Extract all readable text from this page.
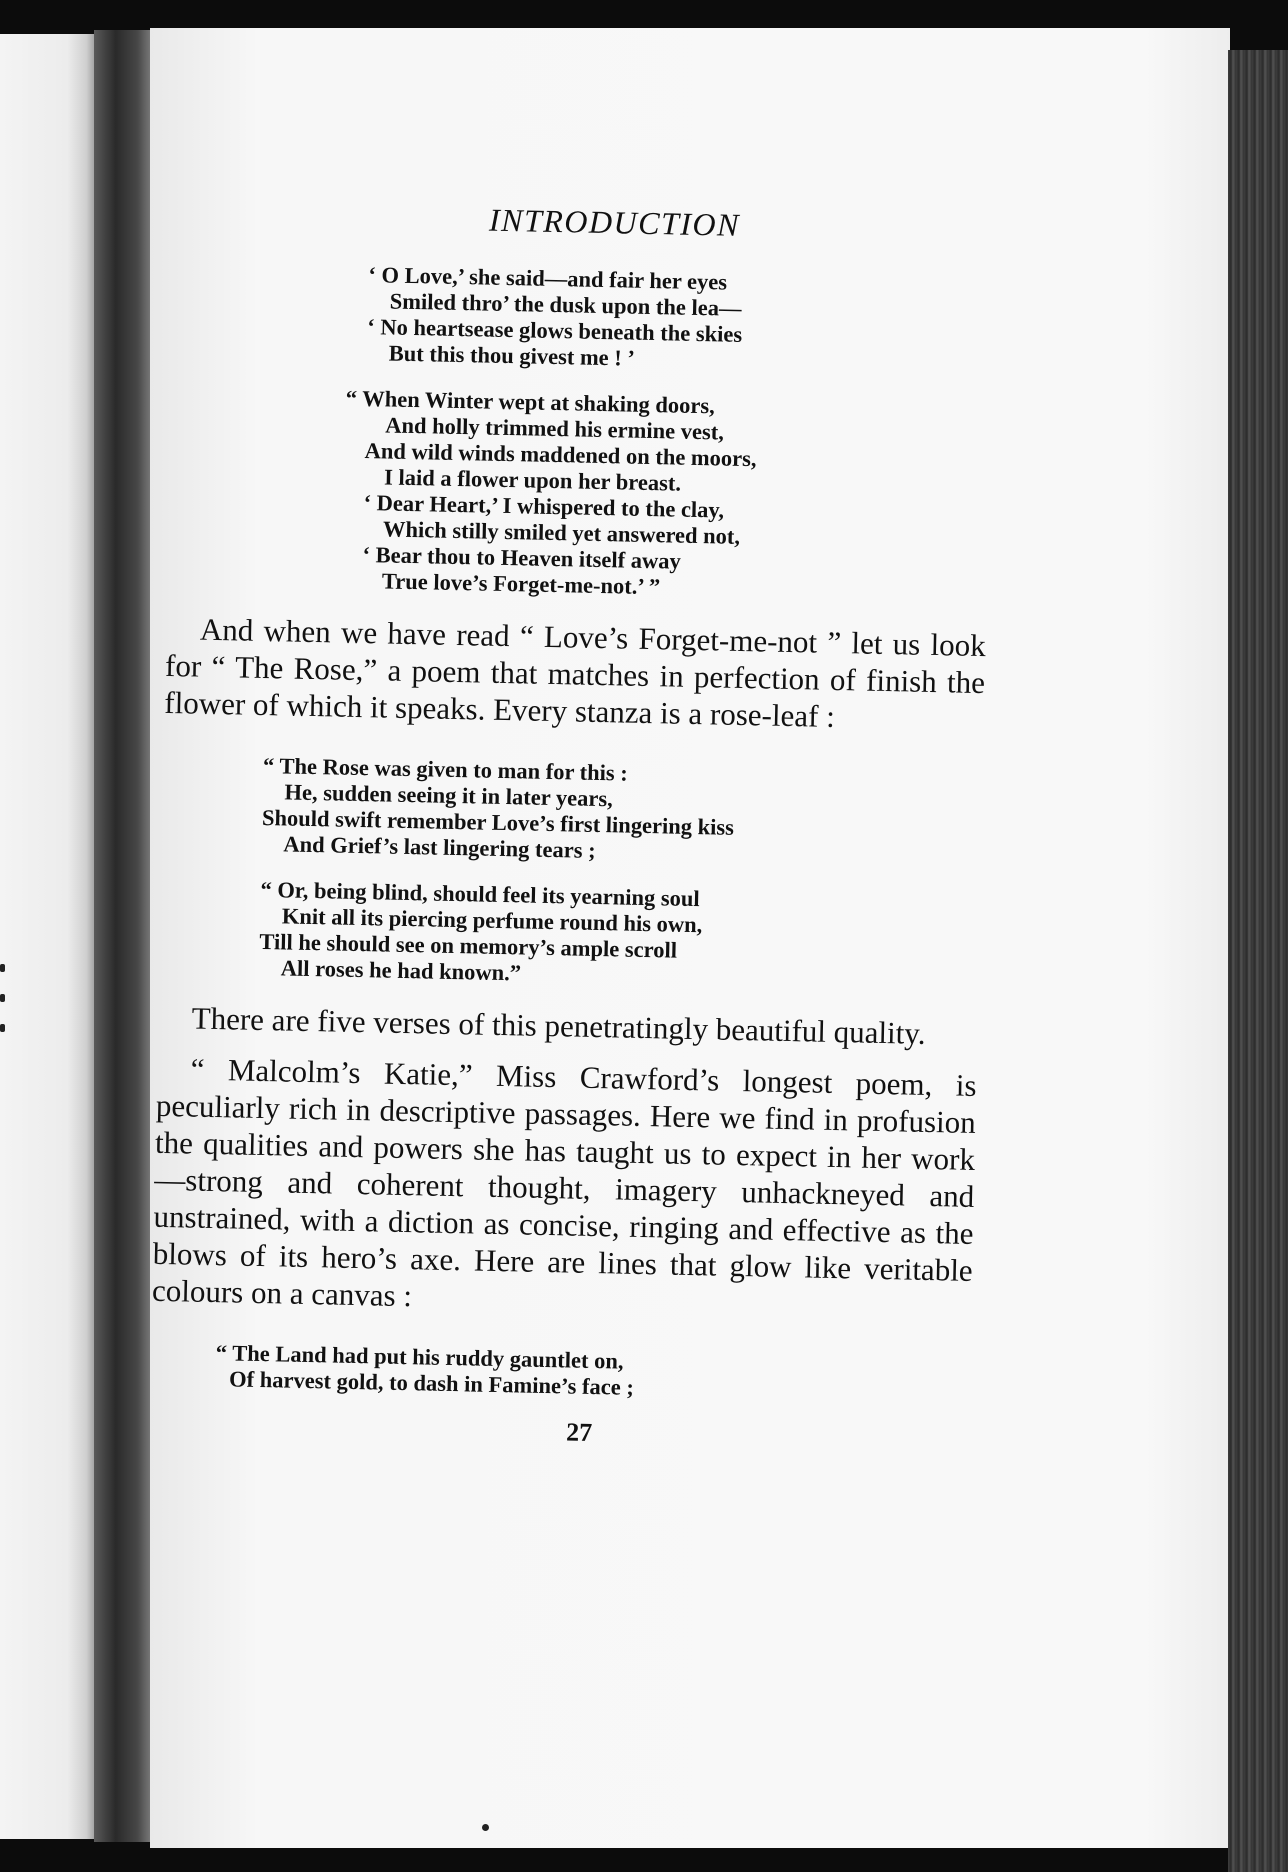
INTRODUCTION
‘ O Love,’ she said—and fair her eyes
Smiled thro’ the dusk upon the lea—
‘ No heartsease glows beneath the skies
But this thou givest me ! ’
“ When Winter wept at shaking doors,
And holly trimmed his ermine vest,
And wild winds maddened on the moors,
I laid a flower upon her breast.
‘ Dear Heart,’ I whispered to the clay,
Which stilly smiled yet answered not,
‘ Bear thou to Heaven itself away
True love’s Forget-me-not.’ ”

And when we have read “ Love’s Forget-me-not ” let us look for “ The Rose,” a poem that matches in perfection of finish the flower of which it speaks. Every stanza is a rose-leaf :

“ The Rose was given to man for this :
He, sudden seeing it in later years,
Should swift remember Love’s first lingering kiss
And Grief’s last lingering tears ;
“ Or, being blind, should feel its yearning soul
Knit all its piercing perfume round his own,
Till he should see on memory’s ample scroll
All roses he had known.”

There are five verses of this penetratingly beautiful quality.

“ Malcolm’s Katie,” Miss Crawford’s longest poem, is peculiarly rich in descriptive passages. Here we find in profusion the qualities and powers she has taught us to expect in her work—strong and coherent thought, imagery unhackneyed and unstrained, with a diction as concise, ringing and effective as the blows of its hero’s axe. Here are lines that glow like veritable colours on a canvas :

“ The Land had put his ruddy gauntlet on,
Of harvest gold, to dash in Famine’s face ;
27
